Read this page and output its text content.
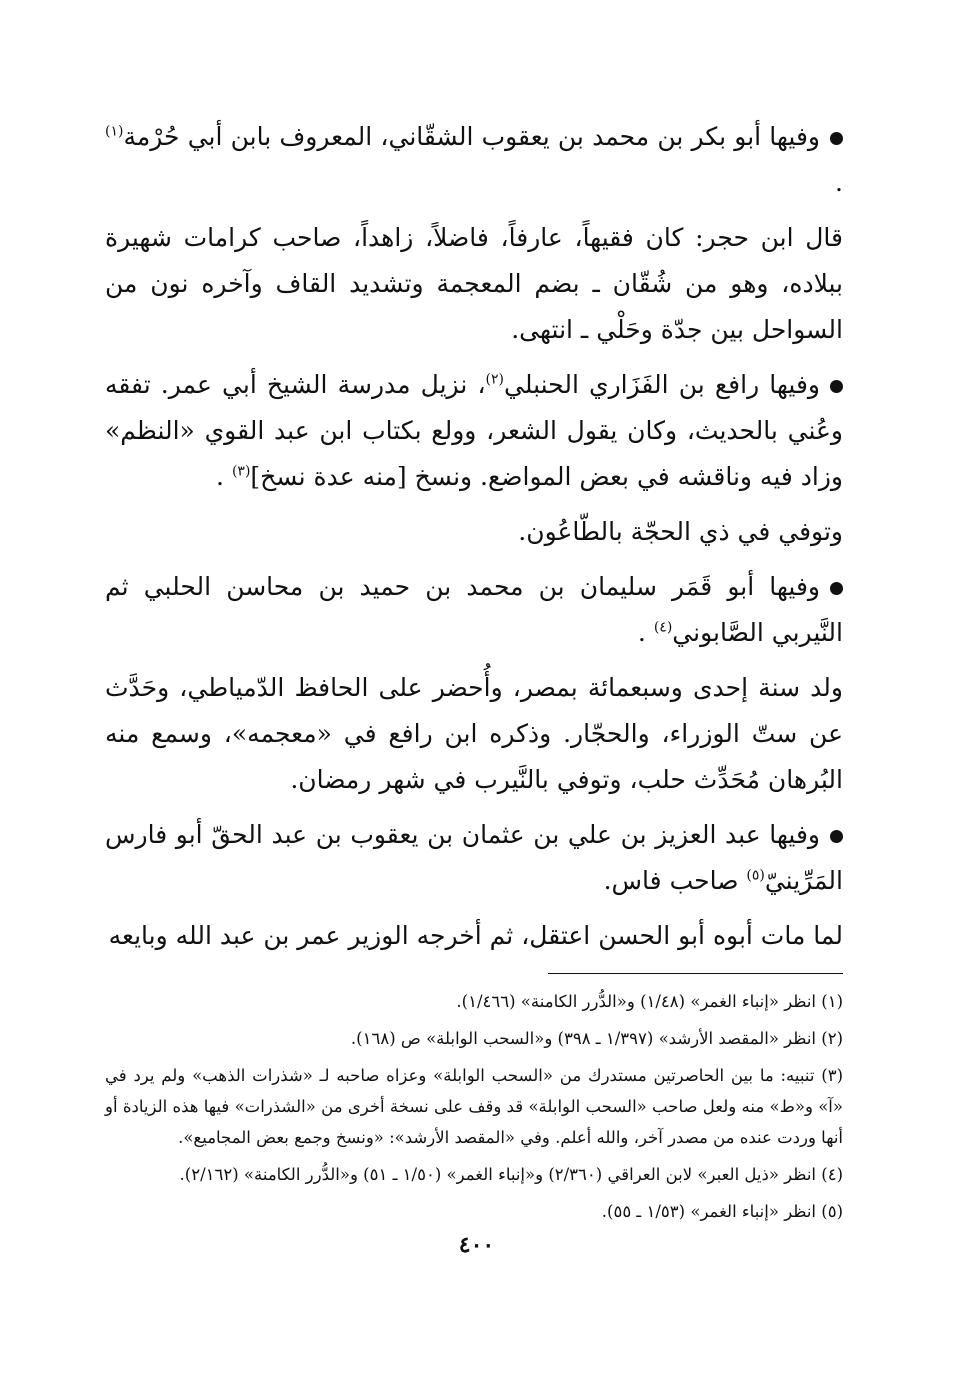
وفيها أبو بكر بن محمد بن يعقوب الشقّاني، المعروف بابن أبي حُرْمة$^{(١)}$ .

قال ابن حجر: كان فقيهاً، عارفاً، فاضلاً، زاهداً، صاحب كرامات شهيرة ببلاده، وهو من شُقّان ـ بضم المعجمة وتشديد القاف وآخره نون من السواحل بين جدّة وحَلْي ـ انتهى.

وفيها رافع بن الفَزَاري الحنبلي$^{(٢)}$، نزيل مدرسة الشيخ أبي عمر. تفقه وعُني بالحديث، وكان يقول الشعر، وولع بكتاب ابن عبد القوي «النظم» وزاد فيه وناقشه في بعض المواضع. ونسخ [منه عدة نسخ]$^{(٣)}$ .

وتوفي في ذي الحجّة بالطّاعُون.

وفيها أبو قَمَر سليمان بن محمد بن حميد بن محاسن الحلبي ثم النَّيربي الصَّابوني$^{(٤)}$ .

ولد سنة إحدى وسبعمائة بمصر، وأُحضر على الحافظ الدّمياطي، وحَدَّث عن ستّ الوزراء، والحجّار. وذكره ابن رافع في «معجمه»، وسمع منه البُرهان مُحَدِّث حلب، وتوفي بالنَّيرب في شهر رمضان.

وفيها عبد العزيز بن علي بن عثمان بن يعقوب بن عبد الحقّ أبو فارس المَرِّينيّ$^{(٥)}$ صاحب فاس.

لما مات أبوه أبو الحسن اعتقل، ثم أخرجه الوزير عمر بن عبد الله وبايعه

(١) انظر «إنباء الغمر» (١/٤٨) و«الدُّرر الكامنة» (١/٤٦٦).

(٢) انظر «المقصد الأرشد» (١/٣٩٧ ـ ٣٩٨) و«السحب الوابلة» ص (١٦٨).

(٣) تنبيه: ما بين الحاصرتين مستدرك من «السحب الوابلة» وعزاه صاحبه لـ «شذرات الذهب» ولم يرد في «آ» و«ط» منه ولعل صاحب «السحب الوابلة» قد وقف على نسخة أخرى من «الشذرات» فيها هذه الزيادة أو أنها وردت عنده من مصدر آخر، والله أعلم. وفي «المقصد الأرشد»: «ونسخ وجمع بعض المجاميع».

(٤) انظر «ذيل العبر» لابن العراقي (٢/٣٦٠) و«إنباء الغمر» (١/٥٠ ـ ٥١) و«الدُّرر الكامنة» (٢/١٦٢).

(٥) انظر «إنباء الغمر» (١/٥٣ ـ ٥٥).

٤٠٠
